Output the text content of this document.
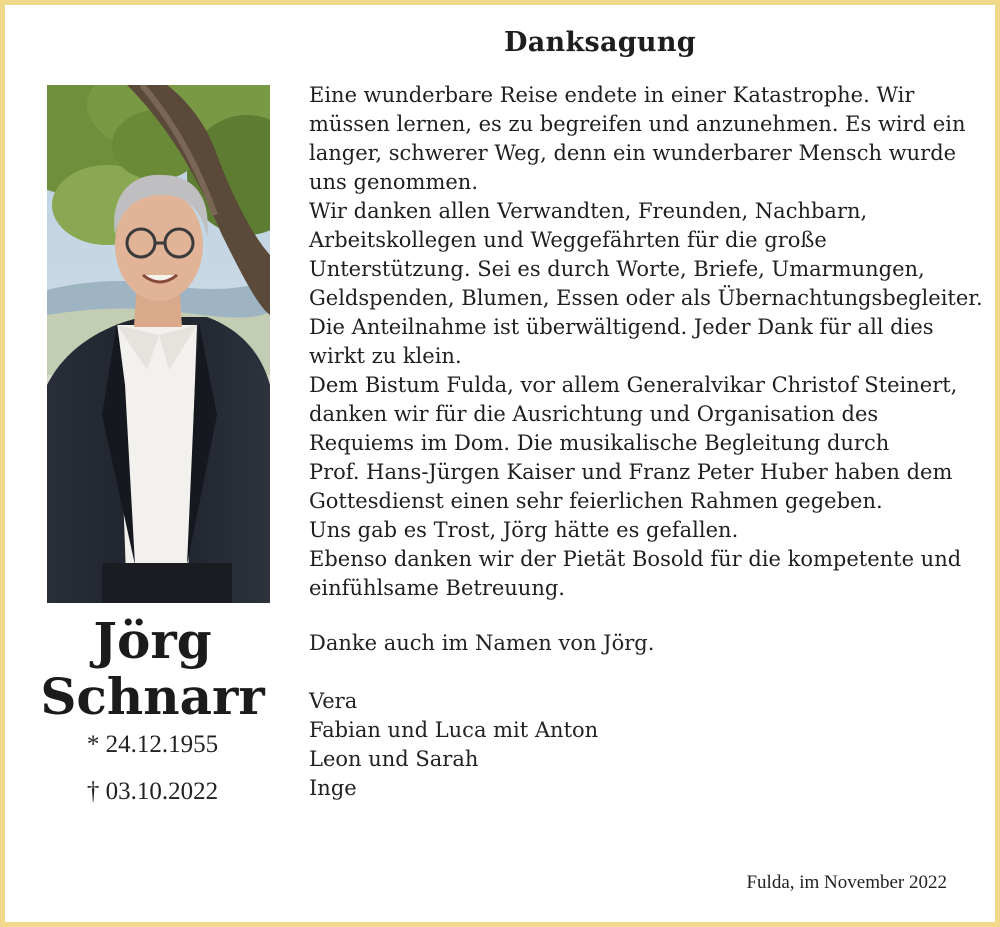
Danksagung
Jörg
Schnarr
* 24.12.1955
† 03.10.2022
Eine wunderbare Reise endete in einer Katastrophe. Wir
müssen lernen, es zu begreifen und anzunehmen. Es wird ein
langer, schwerer Weg, denn ein wunderbarer Mensch wurde
uns genommen.
Wir danken allen Verwandten, Freunden, Nachbarn,
Arbeitskollegen und Weggefährten für die große
Unterstützung. Sei es durch Worte, Briefe, Umarmungen,
Geldspenden, Blumen, Essen oder als Übernachtungsbegleiter.
Die Anteilnahme ist überwältigend. Jeder Dank für all dies
wirkt zu klein.
Dem Bistum Fulda, vor allem Generalvikar Christof Steinert,
danken wir für die Ausrichtung und Organisation des
Requiems im Dom. Die musikalische Begleitung durch
Prof. Hans-Jürgen Kaiser und Franz Peter Huber haben dem
Gottesdienst einen sehr feierlichen Rahmen gegeben.
Uns gab es Trost, Jörg hätte es gefallen.
Ebenso danken wir der Pietät Bosold für die kompetente und
einfühlsame Betreuung.
Danke auch im Namen von Jörg.
Vera
Fabian und Luca mit Anton
Leon und Sarah
Inge
Fulda, im November 2022
